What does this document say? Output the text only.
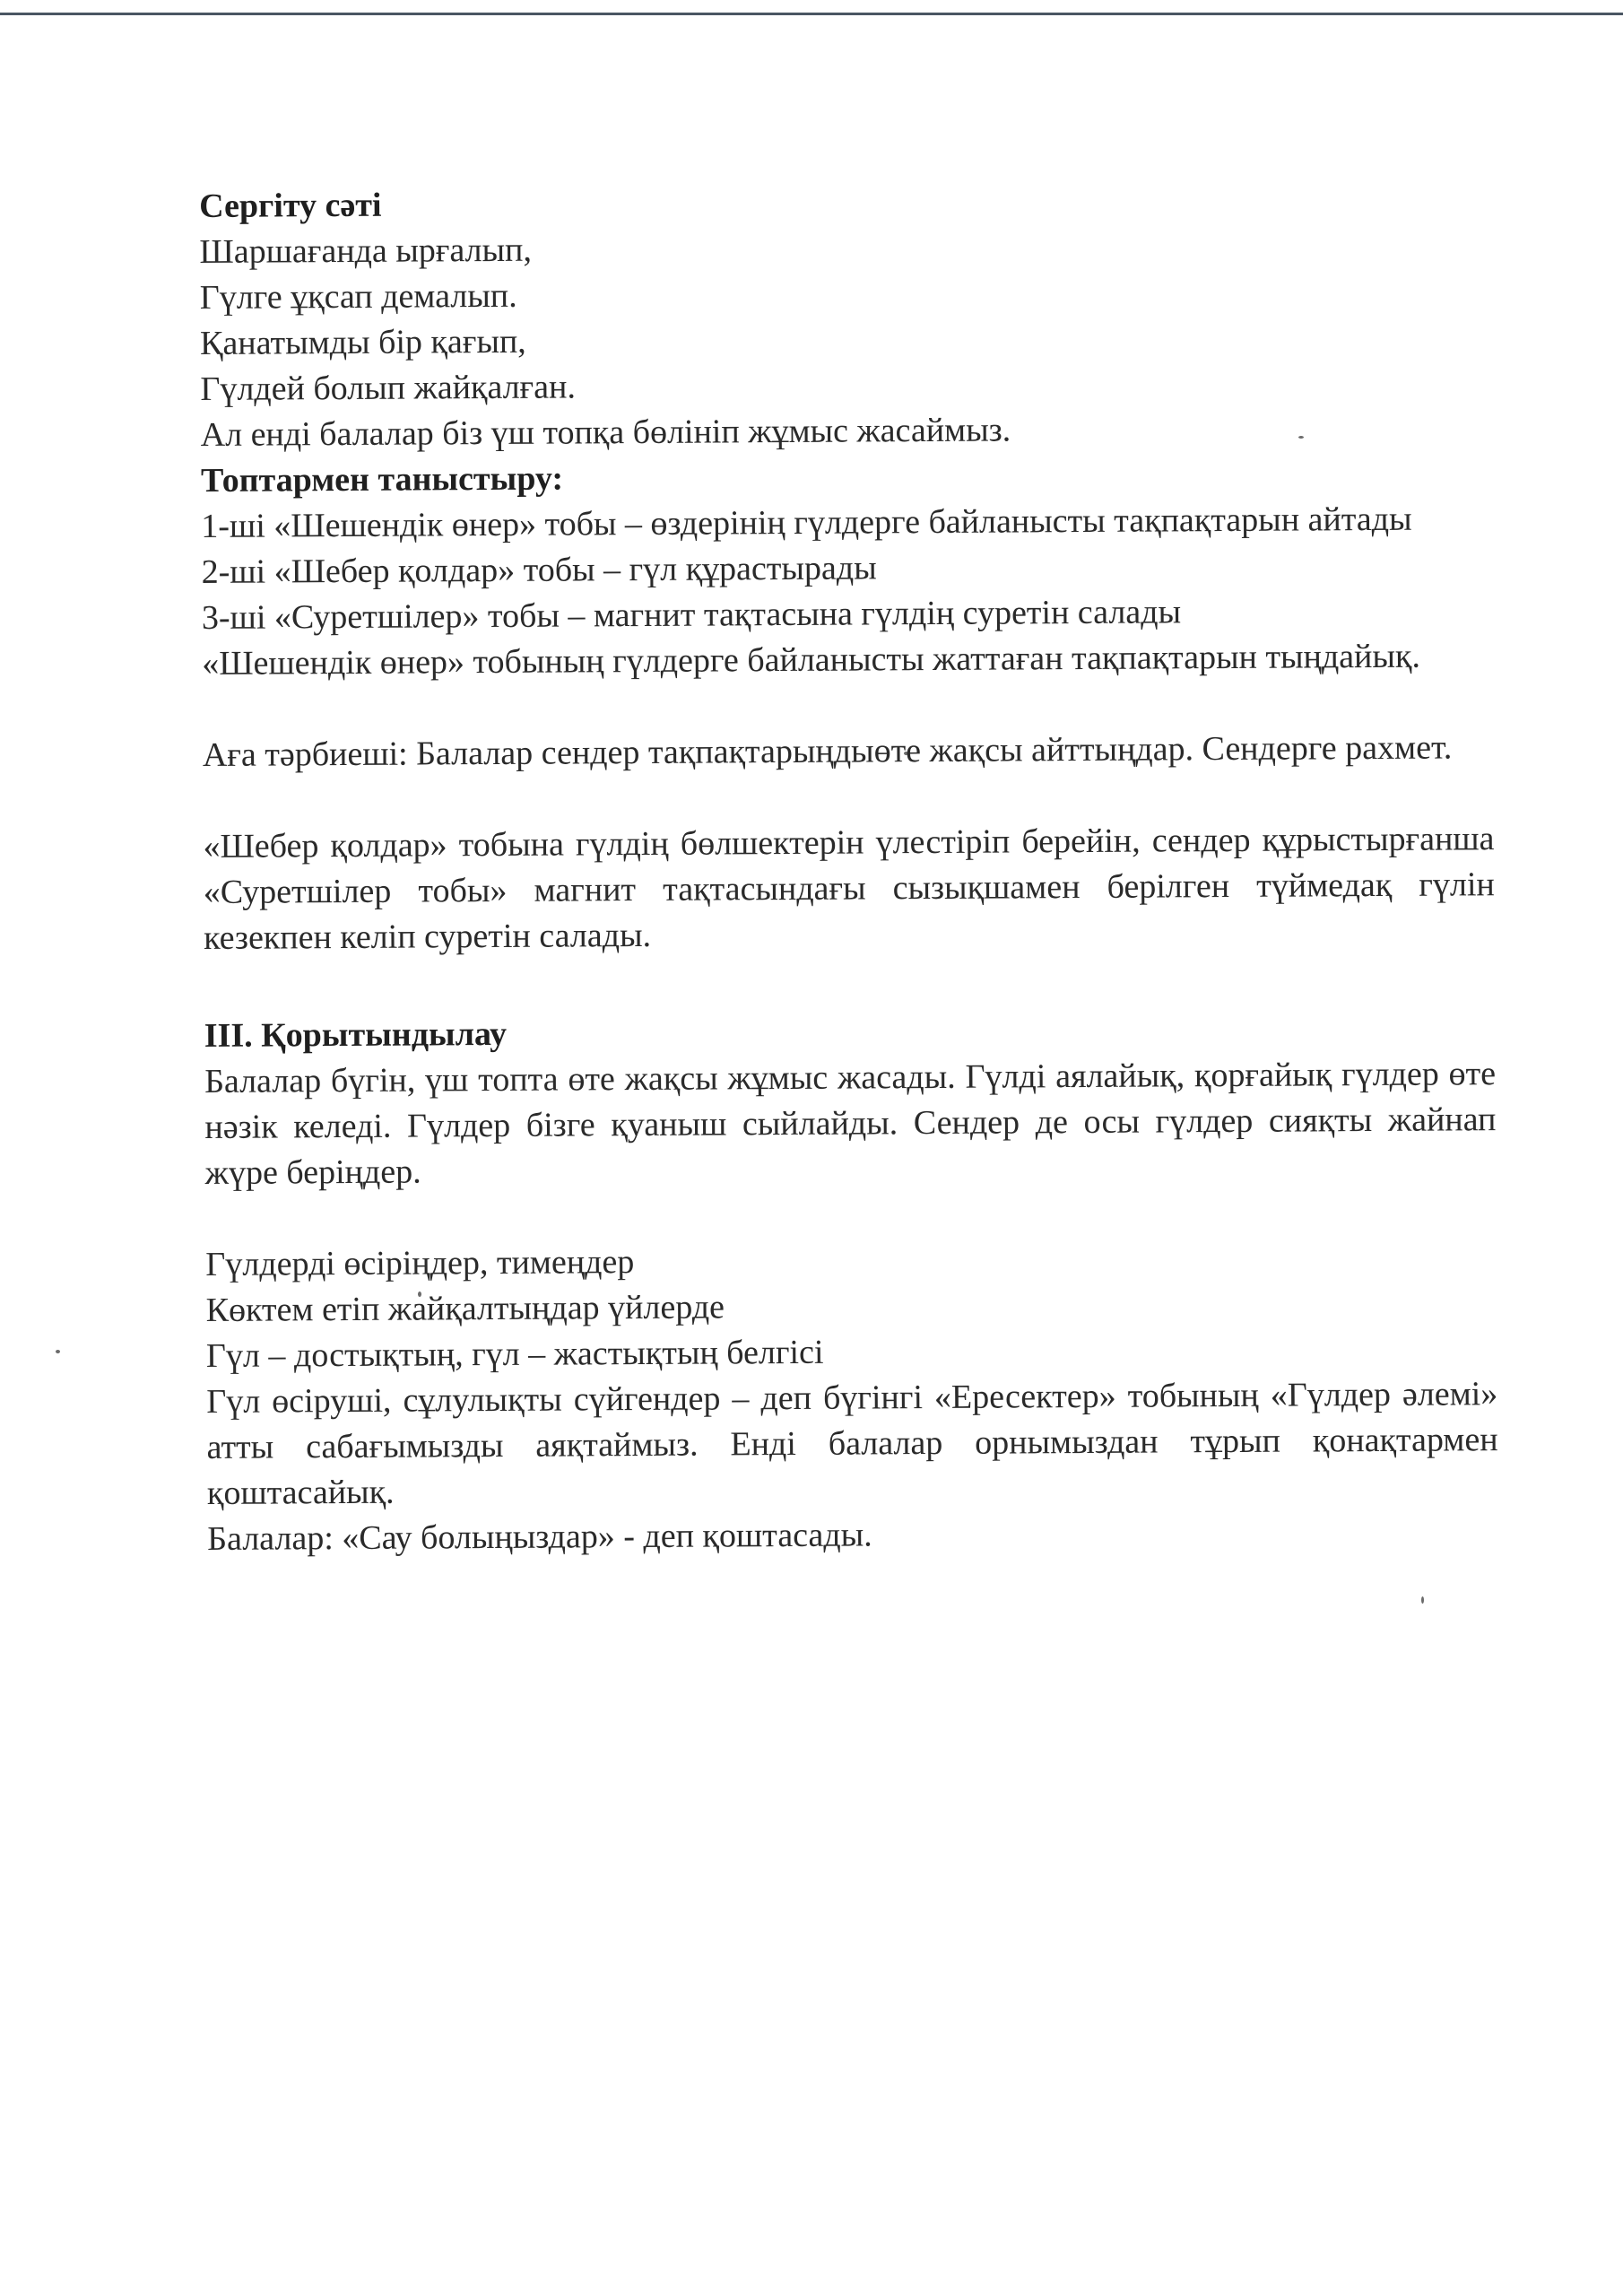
Сергіту сәті

Шаршағанда ырғалып,

Гүлге ұқсап демалып.

Қанатымды бір қағып,

Гүлдей болып жайқалған.

Ал енді балалар біз үш топқа бөлініп жұмыс жасаймыз.

Топтармен таныстыру:

1-ші «Шешендік өнер» тобы – өздерінің гүлдерге байланысты тақпақтарын айтады

2-ші «Шебер қолдар» тобы – гүл құрастырады

3-ші «Суретшілер» тобы – магнит тақтасына гүлдің суретін салады

«Шешендік өнер» тобының гүлдерге байланысты жаттаған тақпақтарын тыңдайық.

Аға тәрбиеші: Балалар сендер тақпақтарыңдыөте жақсы айттыңдар. Сендерге рахмет.

«Шебер қолдар» тобына гүлдің бөлшектерін үлестіріп берейін, сендер құрыстырғанша «Суретшілер тобы» магнит тақтасындағы сызықшамен берілген түймедақ гүлін кезекпен келіп суретін салады.

ІІІ. Қорытындылау

Балалар бүгін, үш топта өте жақсы жұмыс жасады. Гүлді аялайық, қорғайық гүлдер өте нәзік келеді. Гүлдер бізге қуаныш сыйлайды. Сендер де осы гүлдер сияқты жайнап жүре беріңдер.

Гүлдерді өсіріңдер, тимеңдер

Көктем етіп жайқалтыңдар үйлерде

Гүл – достықтың, гүл – жастықтың белгісі

Гүл өсіруші, сұлулықты сүйгендер – деп бүгінгі «Ересектер» тобының «Гүлдер әлемі» атты сабағымызды аяқтаймыз. Енді балалар орнымыздан тұрып қонақтармен қоштасайық.

Балалар: «Сау болыңыздар» - деп қоштасады.
